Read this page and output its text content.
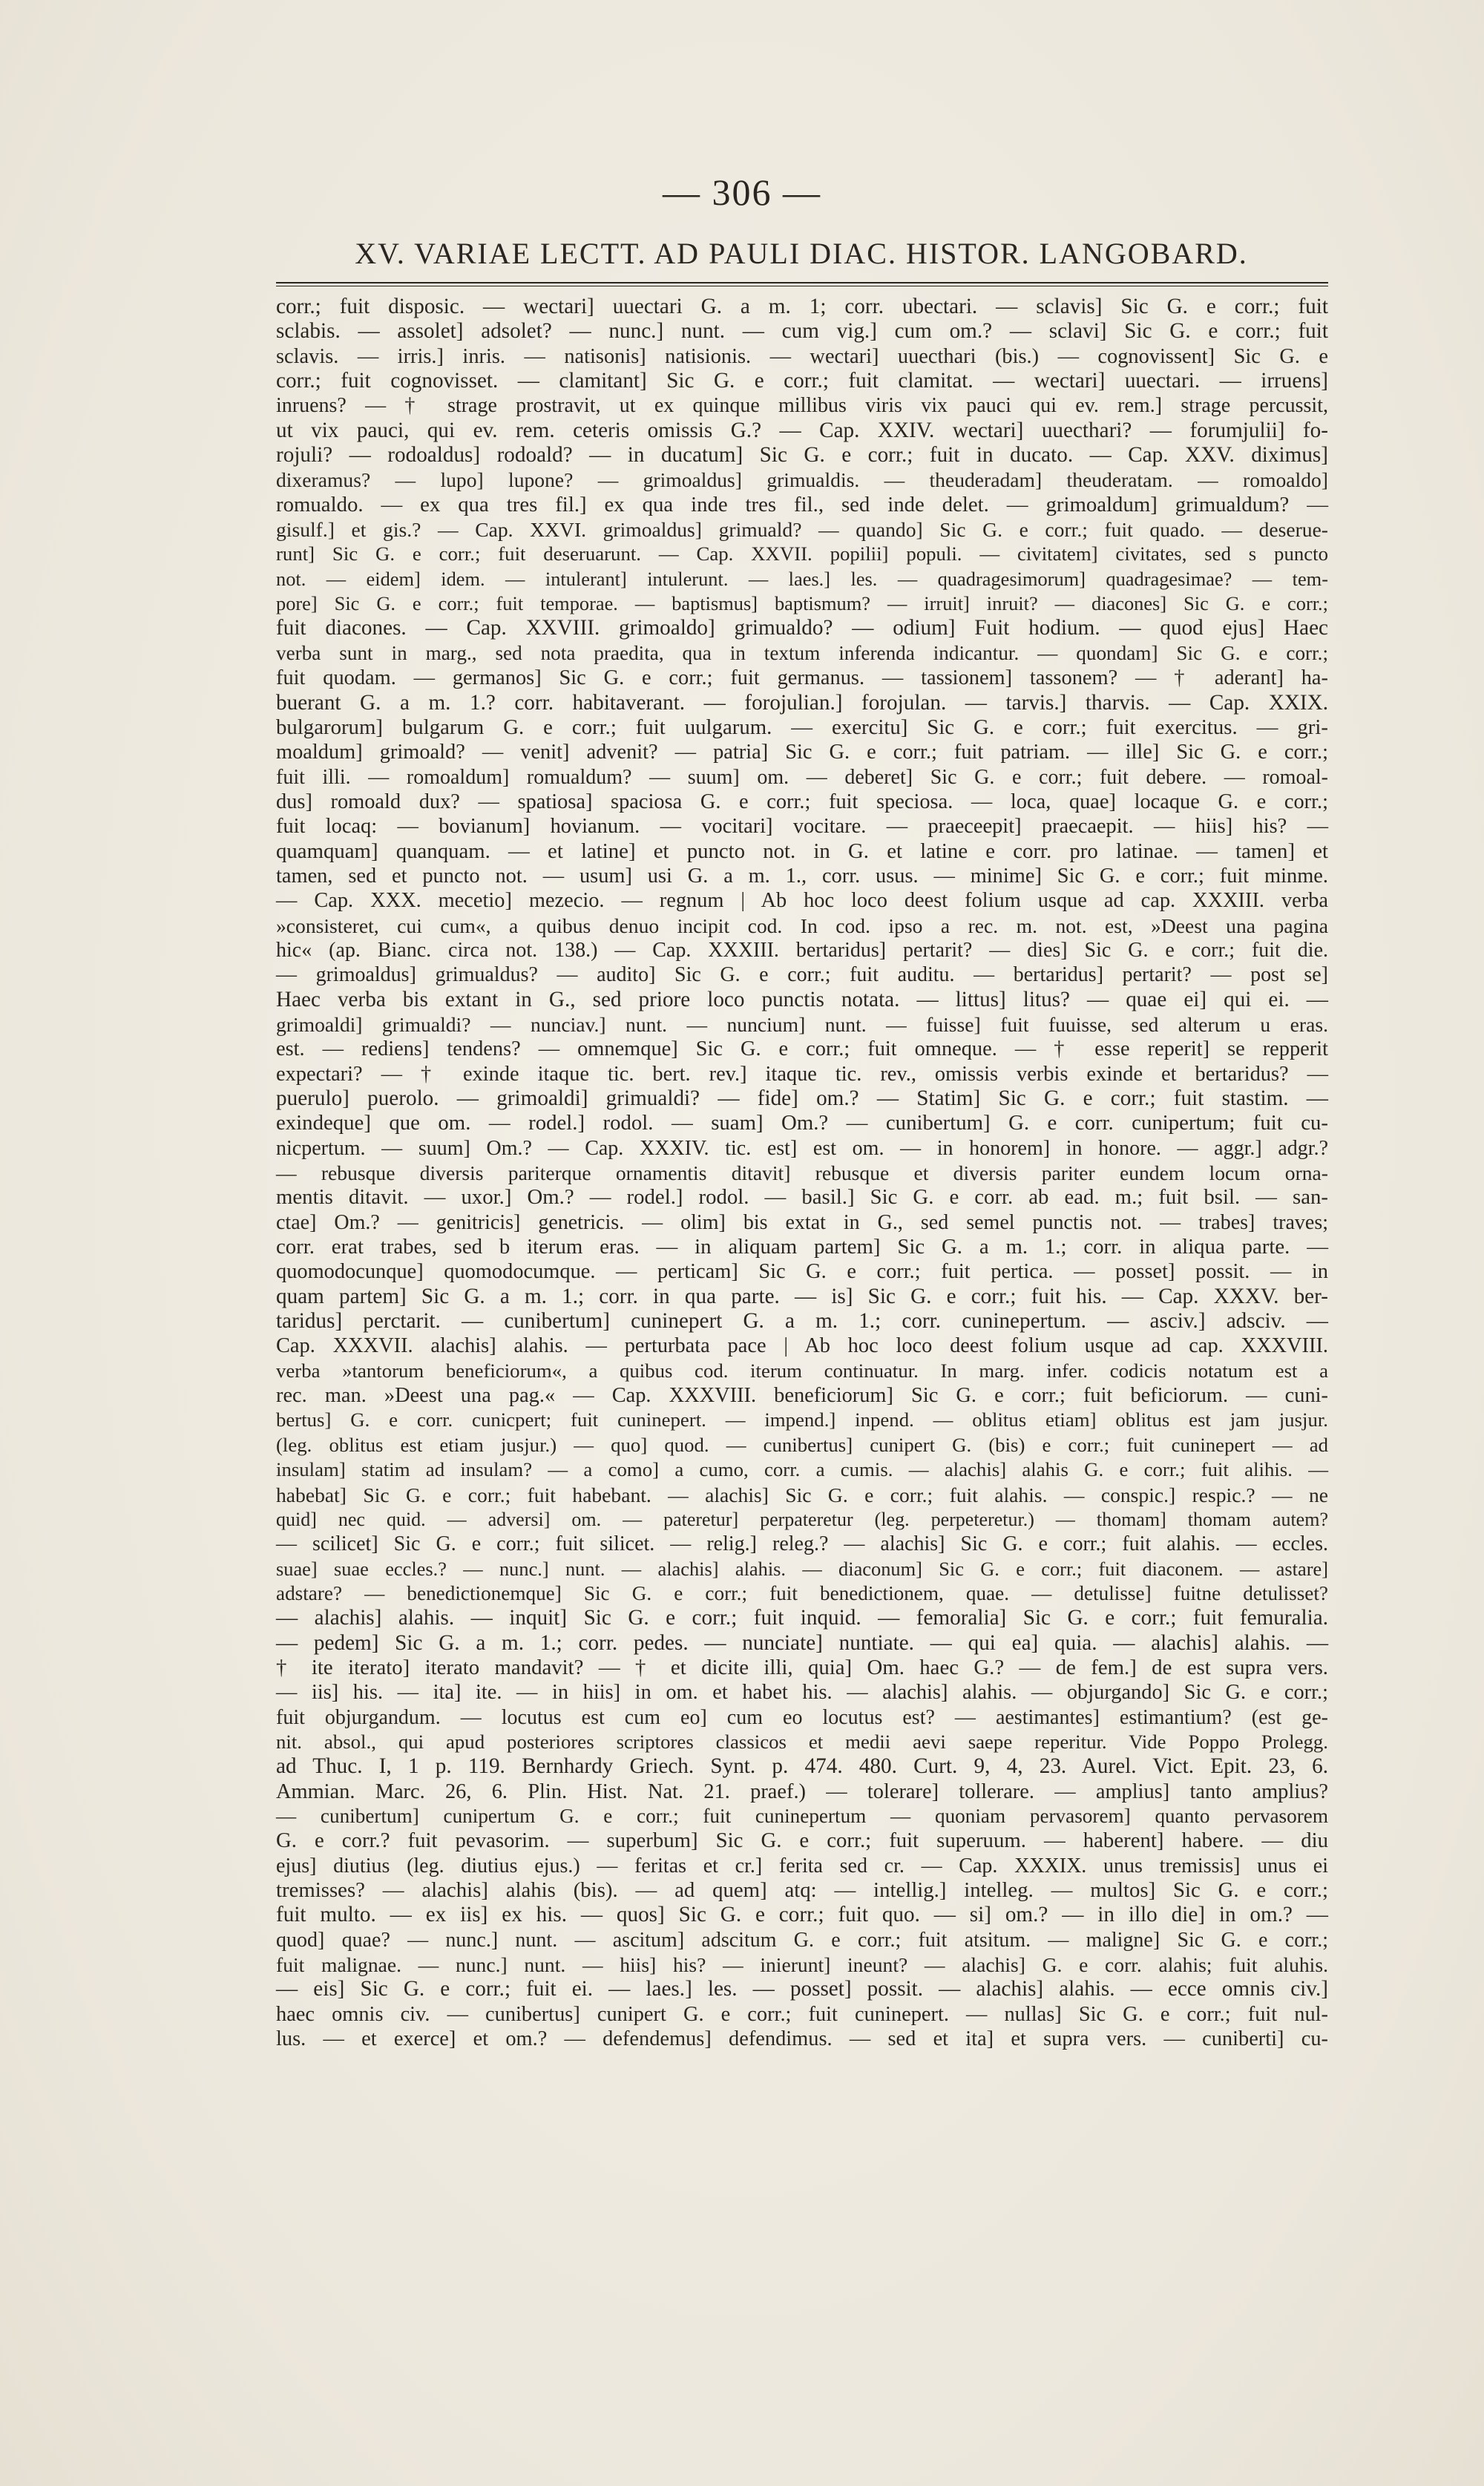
— 306 —
XV. VARIAE LECTT. AD PAULI DIAC. HISTOR. LANGOBARD.
corr.; fuit disposic. — wectari] uuectari G. a m. 1; corr. ubectari. — sclavis] Sic G. e corr.; fuit
sclabis. — assolet] adsolet? — nunc.] nunt. — cum vig.] cum om.? — sclavi] Sic G. e corr.; fuit
sclavis. — irris.] inris. — natisonis] natisionis. — wectari] uuecthari (bis.) — cognovissent] Sic G. e
corr.; fuit cognovisset. — clamitant] Sic G. e corr.; fuit clamitat. — wectari] uuectari. — irruens]
inruens? — † strage prostravit, ut ex quinque millibus viris vix pauci qui ev. rem.] strage percussit,
ut vix pauci, qui ev. rem. ceteris omissis G.? — Cap. XXIV. wectari] uuecthari? — forumjulii] fo-
rojuli? — rodoaldus] rodoald? — in ducatum] Sic G. e corr.; fuit in ducato. — Cap. XXV. diximus]
dixeramus? — lupo] lupone? — grimoaldus] grimualdis. — theuderadam] theuderatam. — romoaldo]
romualdo. — ex qua tres fil.] ex qua inde tres fil., sed inde delet. — grimoaldum] grimualdum? —
gisulf.] et gis.? — Cap. XXVI. grimoaldus] grimuald? — quando] Sic G. e corr.; fuit quado. — deserue-
runt] Sic G. e corr.; fuit deseruarunt. — Cap. XXVII. popilii] populi. — civitatem] civitates, sed s puncto
not. — eidem] idem. — intulerant] intulerunt. — laes.] les. — quadragesimorum] quadragesimae? — tem-
pore] Sic G. e corr.; fuit temporae. — baptismus] baptismum? — irruit] inruit? — diacones] Sic G. e corr.;
fuit diacones. — Cap. XXVIII. grimoaldo] grimualdo? — odium] Fuit hodium. — quod ejus] Haec
verba sunt in marg., sed nota praedita, qua in textum inferenda indicantur. — quondam] Sic G. e corr.;
fuit quodam. — germanos] Sic G. e corr.; fuit germanus. — tassionem] tassonem? — † aderant] ha-
buerant G. a m. 1.? corr. habitaverant. — forojulian.] forojulan. — tarvis.] tharvis. — Cap. XXIX.
bulgarorum] bulgarum G. e corr.; fuit uulgarum. — exercitu] Sic G. e corr.; fuit exercitus. — gri-
moaldum] grimoald? — venit] advenit? — patria] Sic G. e corr.; fuit patriam. — ille] Sic G. e corr.;
fuit illi. — romoaldum] romualdum? — suum] om. — deberet] Sic G. e corr.; fuit debere. — romoal-
dus] romoald dux? — spatiosa] spaciosa G. e corr.; fuit speciosa. — loca, quae] locaque G. e corr.;
fuit locaq: — bovianum] hovianum. — vocitari] vocitare. — praeceepit] praecaepit. — hiis] his? —
quamquam] quanquam. — et latine] et puncto not. in G. et latine e corr. pro latinae. — tamen] et
tamen, sed et puncto not. — usum] usi G. a m. 1., corr. usus. — minime] Sic G. e corr.; fuit minme.
— Cap. XXX. mecetio] mezecio. — regnum | Ab hoc loco deest folium usque ad cap. XXXIII. verba
»consisteret, cui cum«, a quibus denuo incipit cod. In cod. ipso a rec. m. not. est, »Deest una pagina
hic« (ap. Bianc. circa not. 138.) — Cap. XXXIII. bertaridus] pertarit? — dies] Sic G. e corr.; fuit die.
— grimoaldus] grimualdus? — audito] Sic G. e corr.; fuit auditu. — bertaridus] pertarit? — post se]
Haec verba bis extant in G., sed priore loco punctis notata. — littus] litus? — quae ei] qui ei. —
grimoaldi] grimualdi? — nunciav.] nunt. — nuncium] nunt. — fuisse] fuit fuuisse, sed alterum u eras.
est. — rediens] tendens? — omnemque] Sic G. e corr.; fuit omneque. — † esse reperit] se repperit
expectari? — † exinde itaque tic. bert. rev.] itaque tic. rev., omissis verbis exinde et bertaridus? —
puerulo] puerolo. — grimoaldi] grimualdi? — fide] om.? — Statim] Sic G. e corr.; fuit stastim. —
exindeque] que om. — rodel.] rodol. — suam] Om.? — cunibertum] G. e corr. cunipertum; fuit cu-
nicpertum. — suum] Om.? — Cap. XXXIV. tic. est] est om. — in honorem] in honore. — aggr.] adgr.?
— rebusque diversis pariterque ornamentis ditavit] rebusque et diversis pariter eundem locum orna-
mentis ditavit. — uxor.] Om.? — rodel.] rodol. — basil.] Sic G. e corr. ab ead. m.; fuit bsil. — san-
ctae] Om.? — genitricis] genetricis. — olim] bis extat in G., sed semel punctis not. — trabes] traves;
corr. erat trabes, sed b iterum eras. — in aliquam partem] Sic G. a m. 1.; corr. in aliqua parte. —
quomodocunque] quomodocumque. — perticam] Sic G. e corr.; fuit pertica. — posset] possit. — in
quam partem] Sic G. a m. 1.; corr. in qua parte. — is] Sic G. e corr.; fuit his. — Cap. XXXV. ber-
taridus] perctarit. — cunibertum] cuninepert G. a m. 1.; corr. cuninepertum. — asciv.] adsciv. —
Cap. XXXVII. alachis] alahis. — perturbata pace | Ab hoc loco deest folium usque ad cap. XXXVIII.
verba »tantorum beneficiorum«, a quibus cod. iterum continuatur. In marg. infer. codicis notatum est a
rec. man. »Deest una pag.« — Cap. XXXVIII. beneficiorum] Sic G. e corr.; fuit beficiorum. — cuni-
bertus] G. e corr. cunicpert; fuit cuninepert. — impend.] inpend. — oblitus etiam] oblitus est jam jusjur.
(leg. oblitus est etiam jusjur.) — quo] quod. — cunibertus] cunipert G. (bis) e corr.; fuit cuninepert — ad
insulam] statim ad insulam? — a como] a cumo, corr. a cumis. — alachis] alahis G. e corr.; fuit alihis. —
habebat] Sic G. e corr.; fuit habebant. — alachis] Sic G. e corr.; fuit alahis. — conspic.] respic.? — ne
quid] nec quid. — adversi] om. — pateretur] perpateretur (leg. perpeteretur.) — thomam] thomam autem?
— scilicet] Sic G. e corr.; fuit silicet. — relig.] releg.? — alachis] Sic G. e corr.; fuit alahis. — eccles.
suae] suae eccles.? — nunc.] nunt. — alachis] alahis. — diaconum] Sic G. e corr.; fuit diaconem. — astare]
adstare? — benedictionemque] Sic G. e corr.; fuit benedictionem, quae. — detulisse] fuitne detulisset?
— alachis] alahis. — inquit] Sic G. e corr.; fuit inquid. — femoralia] Sic G. e corr.; fuit femuralia.
— pedem] Sic G. a m. 1.; corr. pedes. — nunciate] nuntiate. — qui ea] quia. — alachis] alahis. —
† ite iterato] iterato mandavit? — † et dicite illi, quia] Om. haec G.? — de fem.] de est supra vers.
— iis] his. — ita] ite. — in hiis] in om. et habet his. — alachis] alahis. — objurgando] Sic G. e corr.;
fuit objurgandum. — locutus est cum eo] cum eo locutus est? — aestimantes] estimantium? (est ge-
nit. absol., qui apud posteriores scriptores classicos et medii aevi saepe reperitur. Vide Poppo Prolegg.
ad Thuc. I, 1 p. 119. Bernhardy Griech. Synt. p. 474. 480. Curt. 9, 4, 23. Aurel. Vict. Epit. 23, 6.
Ammian. Marc. 26, 6. Plin. Hist. Nat. 21. praef.) — tolerare] tollerare. — amplius] tanto amplius?
— cunibertum] cunipertum G. e corr.; fuit cuninepertum — quoniam pervasorem] quanto pervasorem
G. e corr.? fuit pevasorim. — superbum] Sic G. e corr.; fuit superuum. — haberent] habere. — diu
ejus] diutius (leg. diutius ejus.) — feritas et cr.] ferita sed cr. — Cap. XXXIX. unus tremissis] unus ei
tremisses? — alachis] alahis (bis). — ad quem] atq: — intellig.] intelleg. — multos] Sic G. e corr.;
fuit multo. — ex iis] ex his. — quos] Sic G. e corr.; fuit quo. — si] om.? — in illo die] in om.? —
quod] quae? — nunc.] nunt. — ascitum] adscitum G. e corr.; fuit atsitum. — maligne] Sic G. e corr.;
fuit malignae. — nunc.] nunt. — hiis] his? — inierunt] ineunt? — alachis] G. e corr. alahis; fuit aluhis.
— eis] Sic G. e corr.; fuit ei. — laes.] les. — posset] possit. — alachis] alahis. — ecce omnis civ.]
haec omnis civ. — cunibertus] cunipert G. e corr.; fuit cuninepert. — nullas] Sic G. e corr.; fuit nul-
lus. — et exerce] et om.? — defendemus] defendimus. — sed et ita] et supra vers. — cuniberti] cu-
